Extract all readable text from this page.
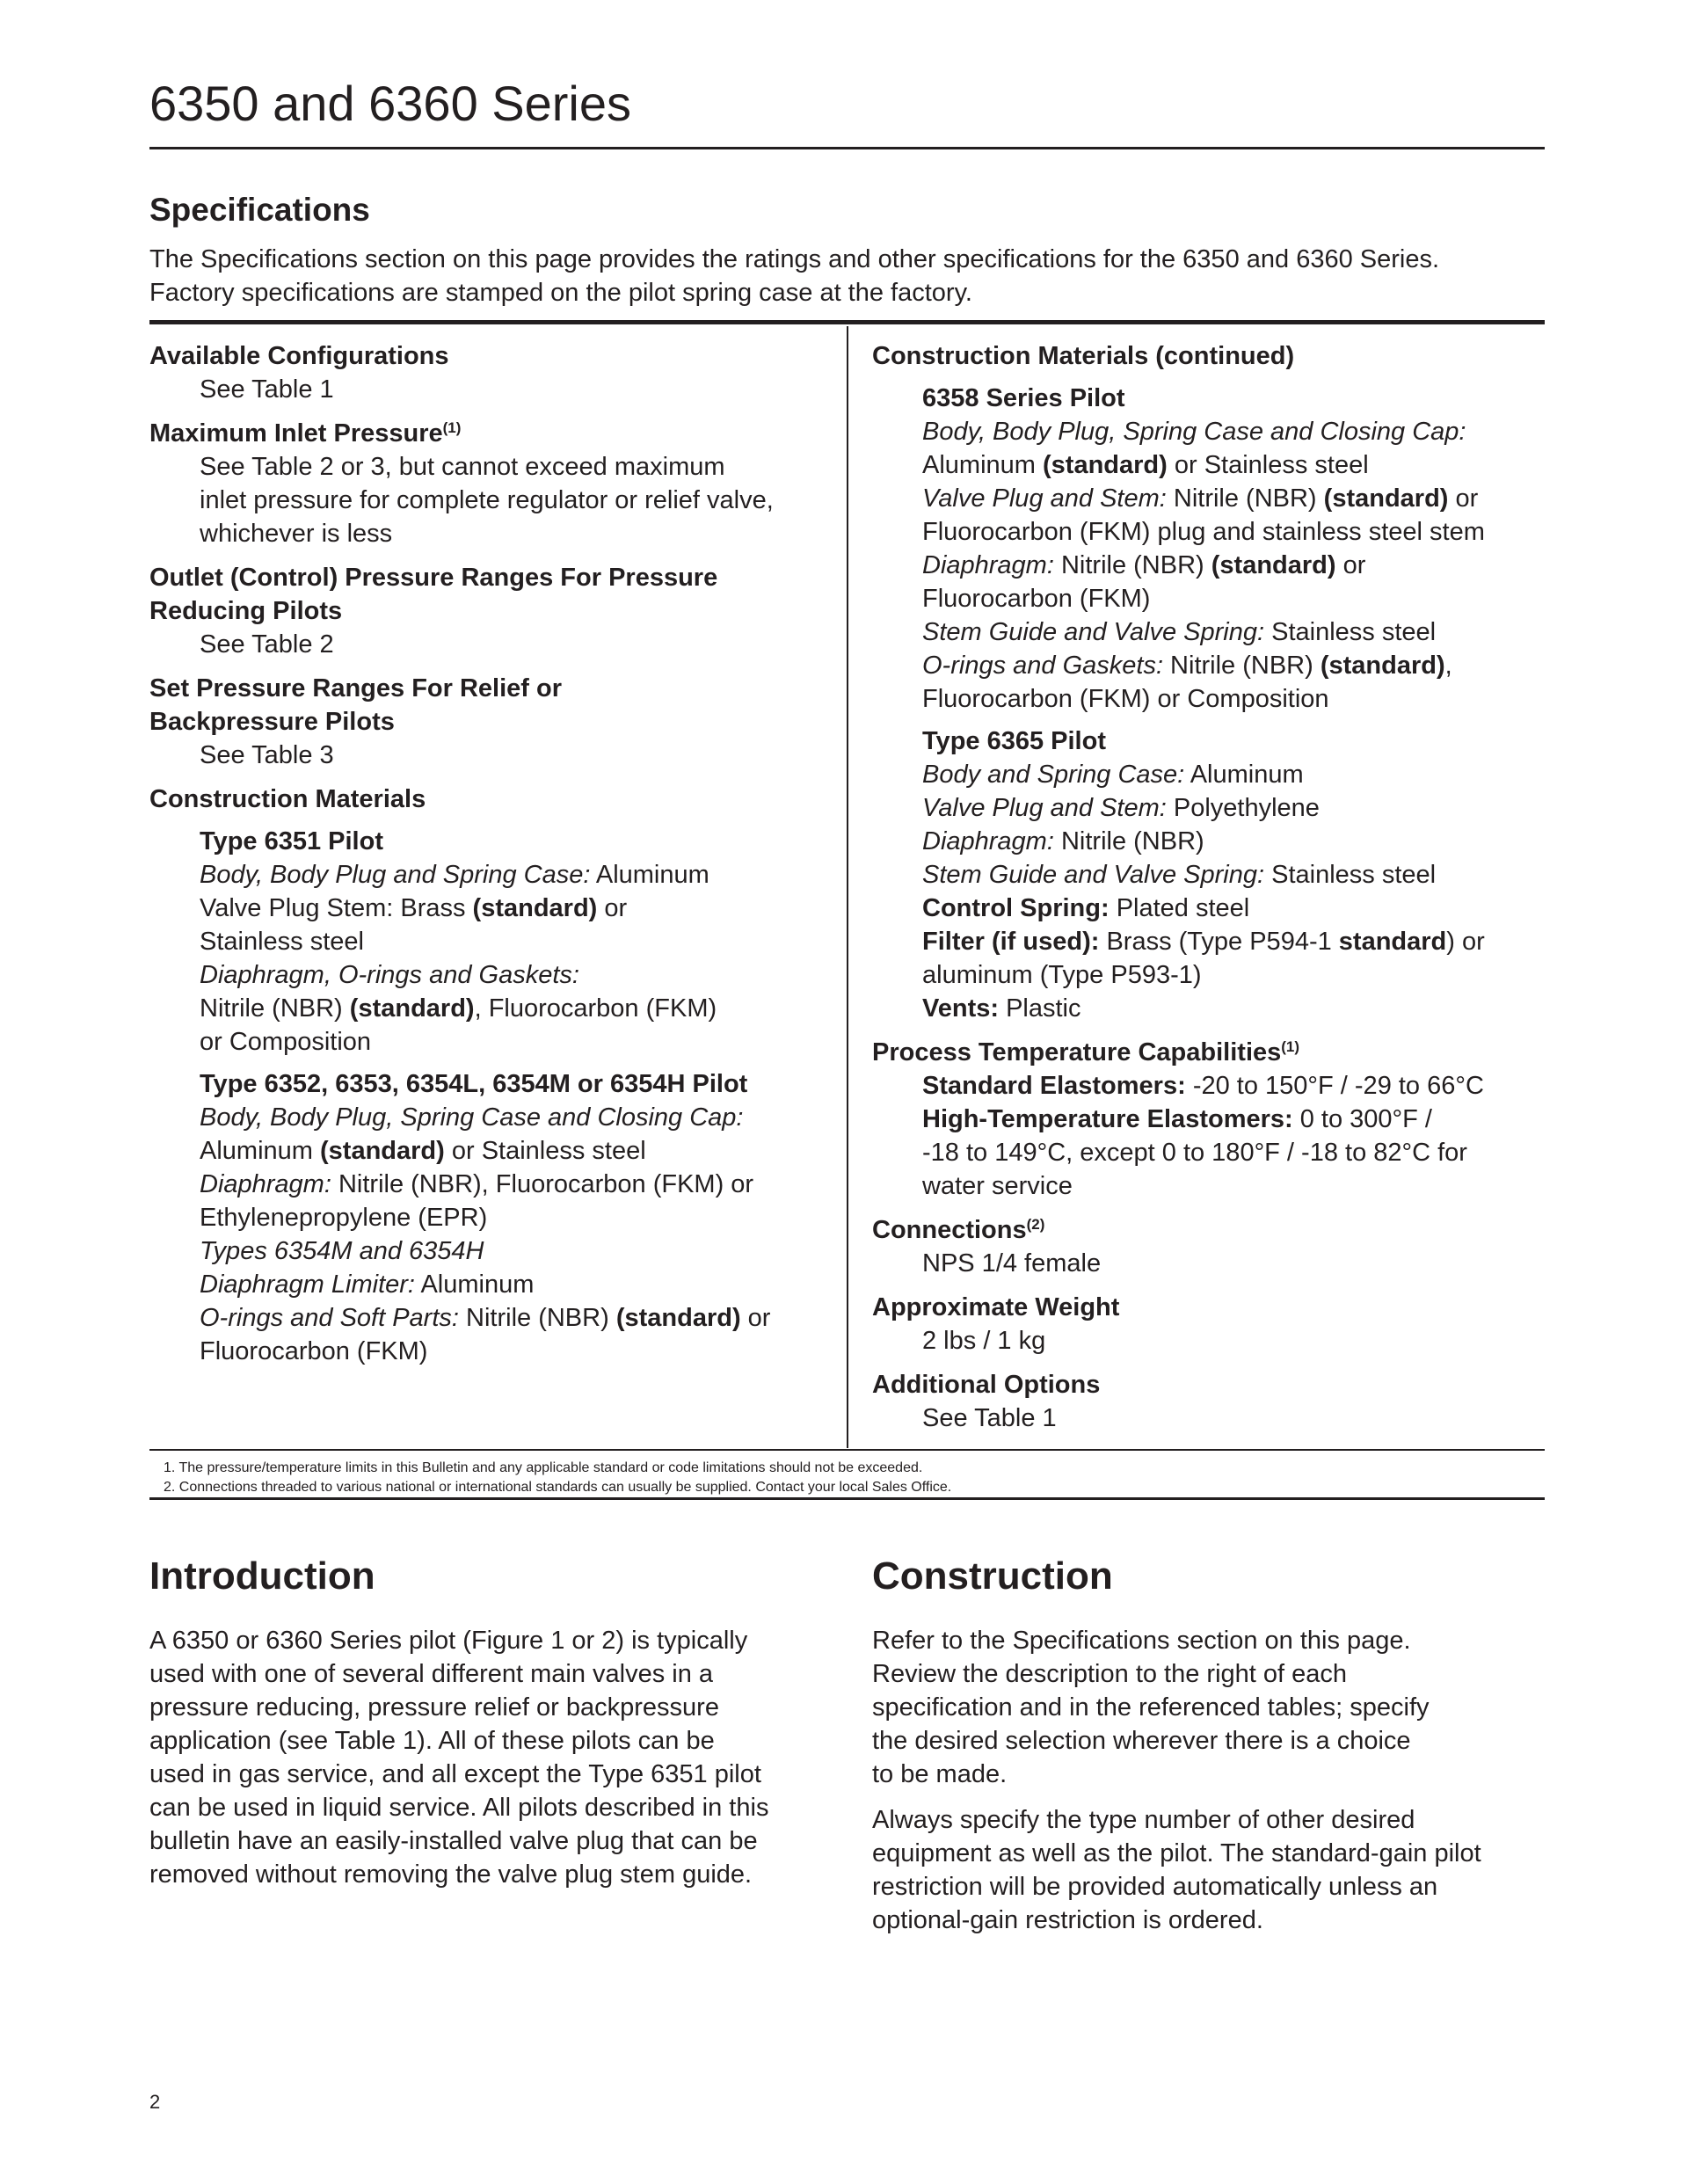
6350 and 6360 Series
Specifications

The Specifications section on this page provides the ratings and other specifications for the 6350 and 6360 Series.

Factory specifications are stamped on the pilot spring case at the factory.

Available Configurations
See Table 1
Maximum Inlet Pressure$^{(1)}$
See Table 2 or 3, but cannot exceed maximum
inlet pressure for complete regulator or relief valve,
whichever is less
Outlet (Control) Pressure Ranges For Pressure
Reducing Pilots
See Table 2
Set Pressure Ranges For Relief or
Backpressure Pilots
See Table 3
Construction Materials
Type 6351 Pilot
Body, Body Plug and Spring Case: Aluminum
Valve Plug Stem: Brass (standard) or
Stainless steel
Diaphragm, O-rings and Gaskets:
Nitrile (NBR) (standard), Fluorocarbon (FKM)
or Composition
Type 6352, 6353, 6354L, 6354M or 6354H Pilot
Body, Body Plug, Spring Case and Closing Cap:
Aluminum (standard) or Stainless steel
Diaphragm: Nitrile (NBR), Fluorocarbon (FKM) or
Ethylenepropylene (EPR)
Types 6354M and 6354H
Diaphragm Limiter: Aluminum
O-rings and Soft Parts: Nitrile (NBR) (standard) or
Fluorocarbon (FKM)
Construction Materials (continued)
6358 Series Pilot
Body, Body Plug, Spring Case and Closing Cap:
Aluminum (standard) or Stainless steel
Valve Plug and Stem: Nitrile (NBR) (standard) or
Fluorocarbon (FKM) plug and stainless steel stem
Diaphragm: Nitrile (NBR) (standard) or
Fluorocarbon (FKM)
Stem Guide and Valve Spring: Stainless steel
O-rings and Gaskets: Nitrile (NBR) (standard),
Fluorocarbon (FKM) or Composition
Type 6365 Pilot
Body and Spring Case: Aluminum
Valve Plug and Stem: Polyethylene
Diaphragm: Nitrile (NBR)
Stem Guide and Valve Spring: Stainless steel
Control Spring: Plated steel
Filter (if used): Brass (Type P594-1 standard) or
aluminum (Type P593-1)
Vents: Plastic
Process Temperature Capabilities$^{(1)}$
Standard Elastomers: -20 to 150°F / -29 to 66°C
High-Temperature Elastomers: 0 to 300°F /
-18 to 149°C, except 0 to 180°F / -18 to 82°C for
water service
Connections$^{(2)}$
NPS 1/4 female
Approximate Weight
2 lbs / 1 kg
Additional Options
See Table 1
1. The pressure/temperature limits in this Bulletin and any applicable standard or code limitations should not be exceeded.
2. Connections threaded to various national or international standards can usually be supplied. Contact your local Sales Office.
Introduction

A 6350 or 6360 Series pilot (Figure 1 or 2) is typically
used with one of several different main valves in a
pressure reducing, pressure relief or backpressure
application (see Table 1). All of these pilots can be
used in gas service, and all except the Type 6351 pilot
can be used in liquid service. All pilots described in this
bulletin have an easily-installed valve plug that can be
removed without removing the valve plug stem guide.

Construction

Refer to the Specifications section on this page.
Review the description to the right of each
specification and in the referenced tables; specify
the desired selection wherever there is a choice
to be made.

Always specify the type number of other desired
equipment as well as the pilot. The standard-gain pilot
restriction will be provided automatically unless an
optional-gain restriction is ordered.

2
